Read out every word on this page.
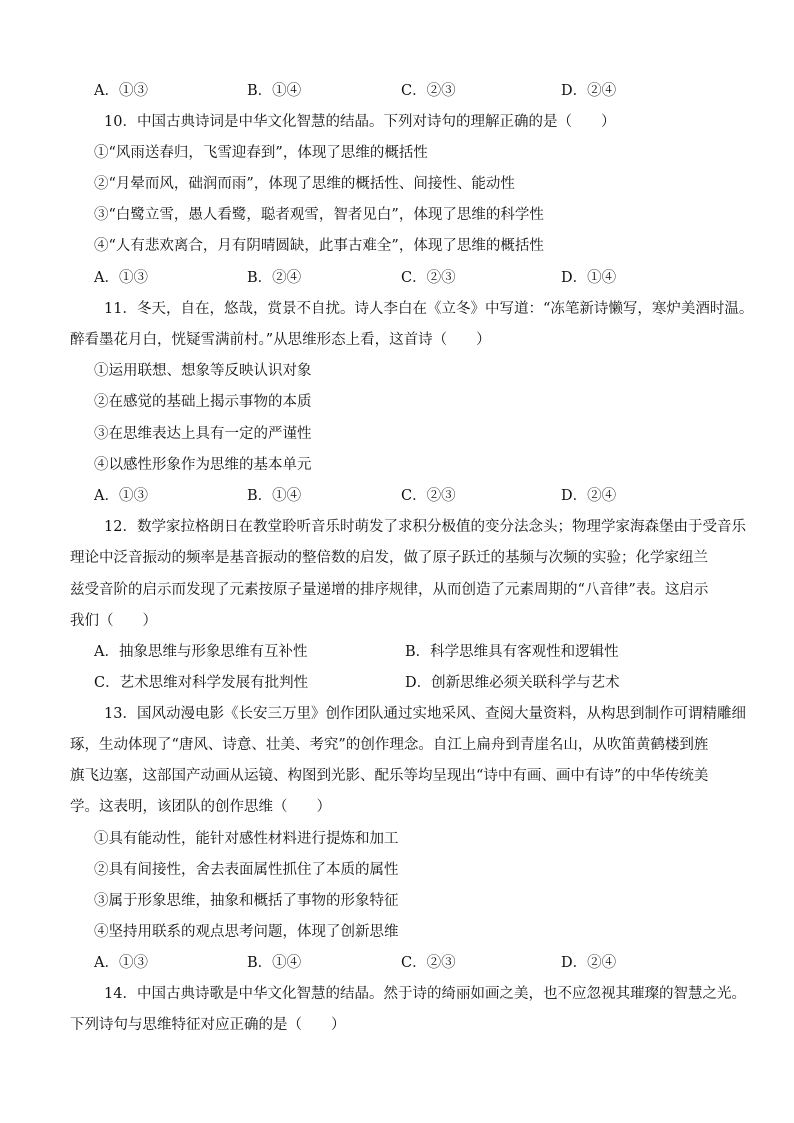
A．①③	B．①④	C．②③	D．②④
10．中国古典诗词是中华文化智慧的结晶。下列对诗句的理解正确的是（　　）
①“风雨送春归，飞雪迎春到”，体现了思维的概括性
②“月晕而风，础润而雨”，体现了思维的概括性、间接性、能动性
③“白鹭立雪，愚人看鹭，聪者观雪，智者见白”，体现了思维的科学性
④“人有悲欢离合，月有阴晴圆缺，此事古难全”，体现了思维的概括性
A．①③	B．②④	C．②③	D．①④
11．冬天，自在，悠哉，赏景不自扰。诗人李白在《立冬》中写道：“冻笔新诗懒写，寒炉美酒时温。
醉看墨花月白，恍疑雪满前村。”从思维形态上看，这首诗（　　）
①运用联想、想象等反映认识对象
②在感觉的基础上揭示事物的本质
③在思维表达上具有一定的严谨性
④以感性形象作为思维的基本单元
A．①③	B．①④	C．②③	D．②④
12．数学家拉格朗日在教堂聆听音乐时萌发了求积分极值的变分法念头；物理学家海森堡由于受音乐
理论中泛音振动的频率是基音振动的整倍数的启发，做了原子跃迁的基频与次频的实验；化学家纽兰
兹受音阶的启示而发现了元素按原子量递增的排序规律，从而创造了元素周期的“八音律”表。这启示
我们（　　）
A．抽象思维与形象思维有互补性	B．科学思维具有客观性和逻辑性
C．艺术思维对科学发展有批判性	D．创新思维必须关联科学与艺术
13．国风动漫电影《长安三万里》创作团队通过实地采风、查阅大量资料，从构思到制作可谓精雕细
琢，生动体现了“唐风、诗意、壮美、考究”的创作理念。自江上扁舟到青崖名山，从吹笛黄鹤楼到旌
旗飞边塞，这部国产动画从运镜、构图到光影、配乐等均呈现出“诗中有画、画中有诗”的中华传统美
学。这表明，该团队的创作思维（　　）
①具有能动性，能针对感性材料进行提炼和加工
②具有间接性，舍去表面属性抓住了本质的属性
③属于形象思维，抽象和概括了事物的形象特征
④坚持用联系的观点思考问题，体现了创新思维
A．①③	B．①④	C．②③	D．②④
14．中国古典诗歌是中华文化智慧的结晶。然于诗的绮丽如画之美，也不应忽视其璀璨的智慧之光。
下列诗句与思维特征对应正确的是（　　）
